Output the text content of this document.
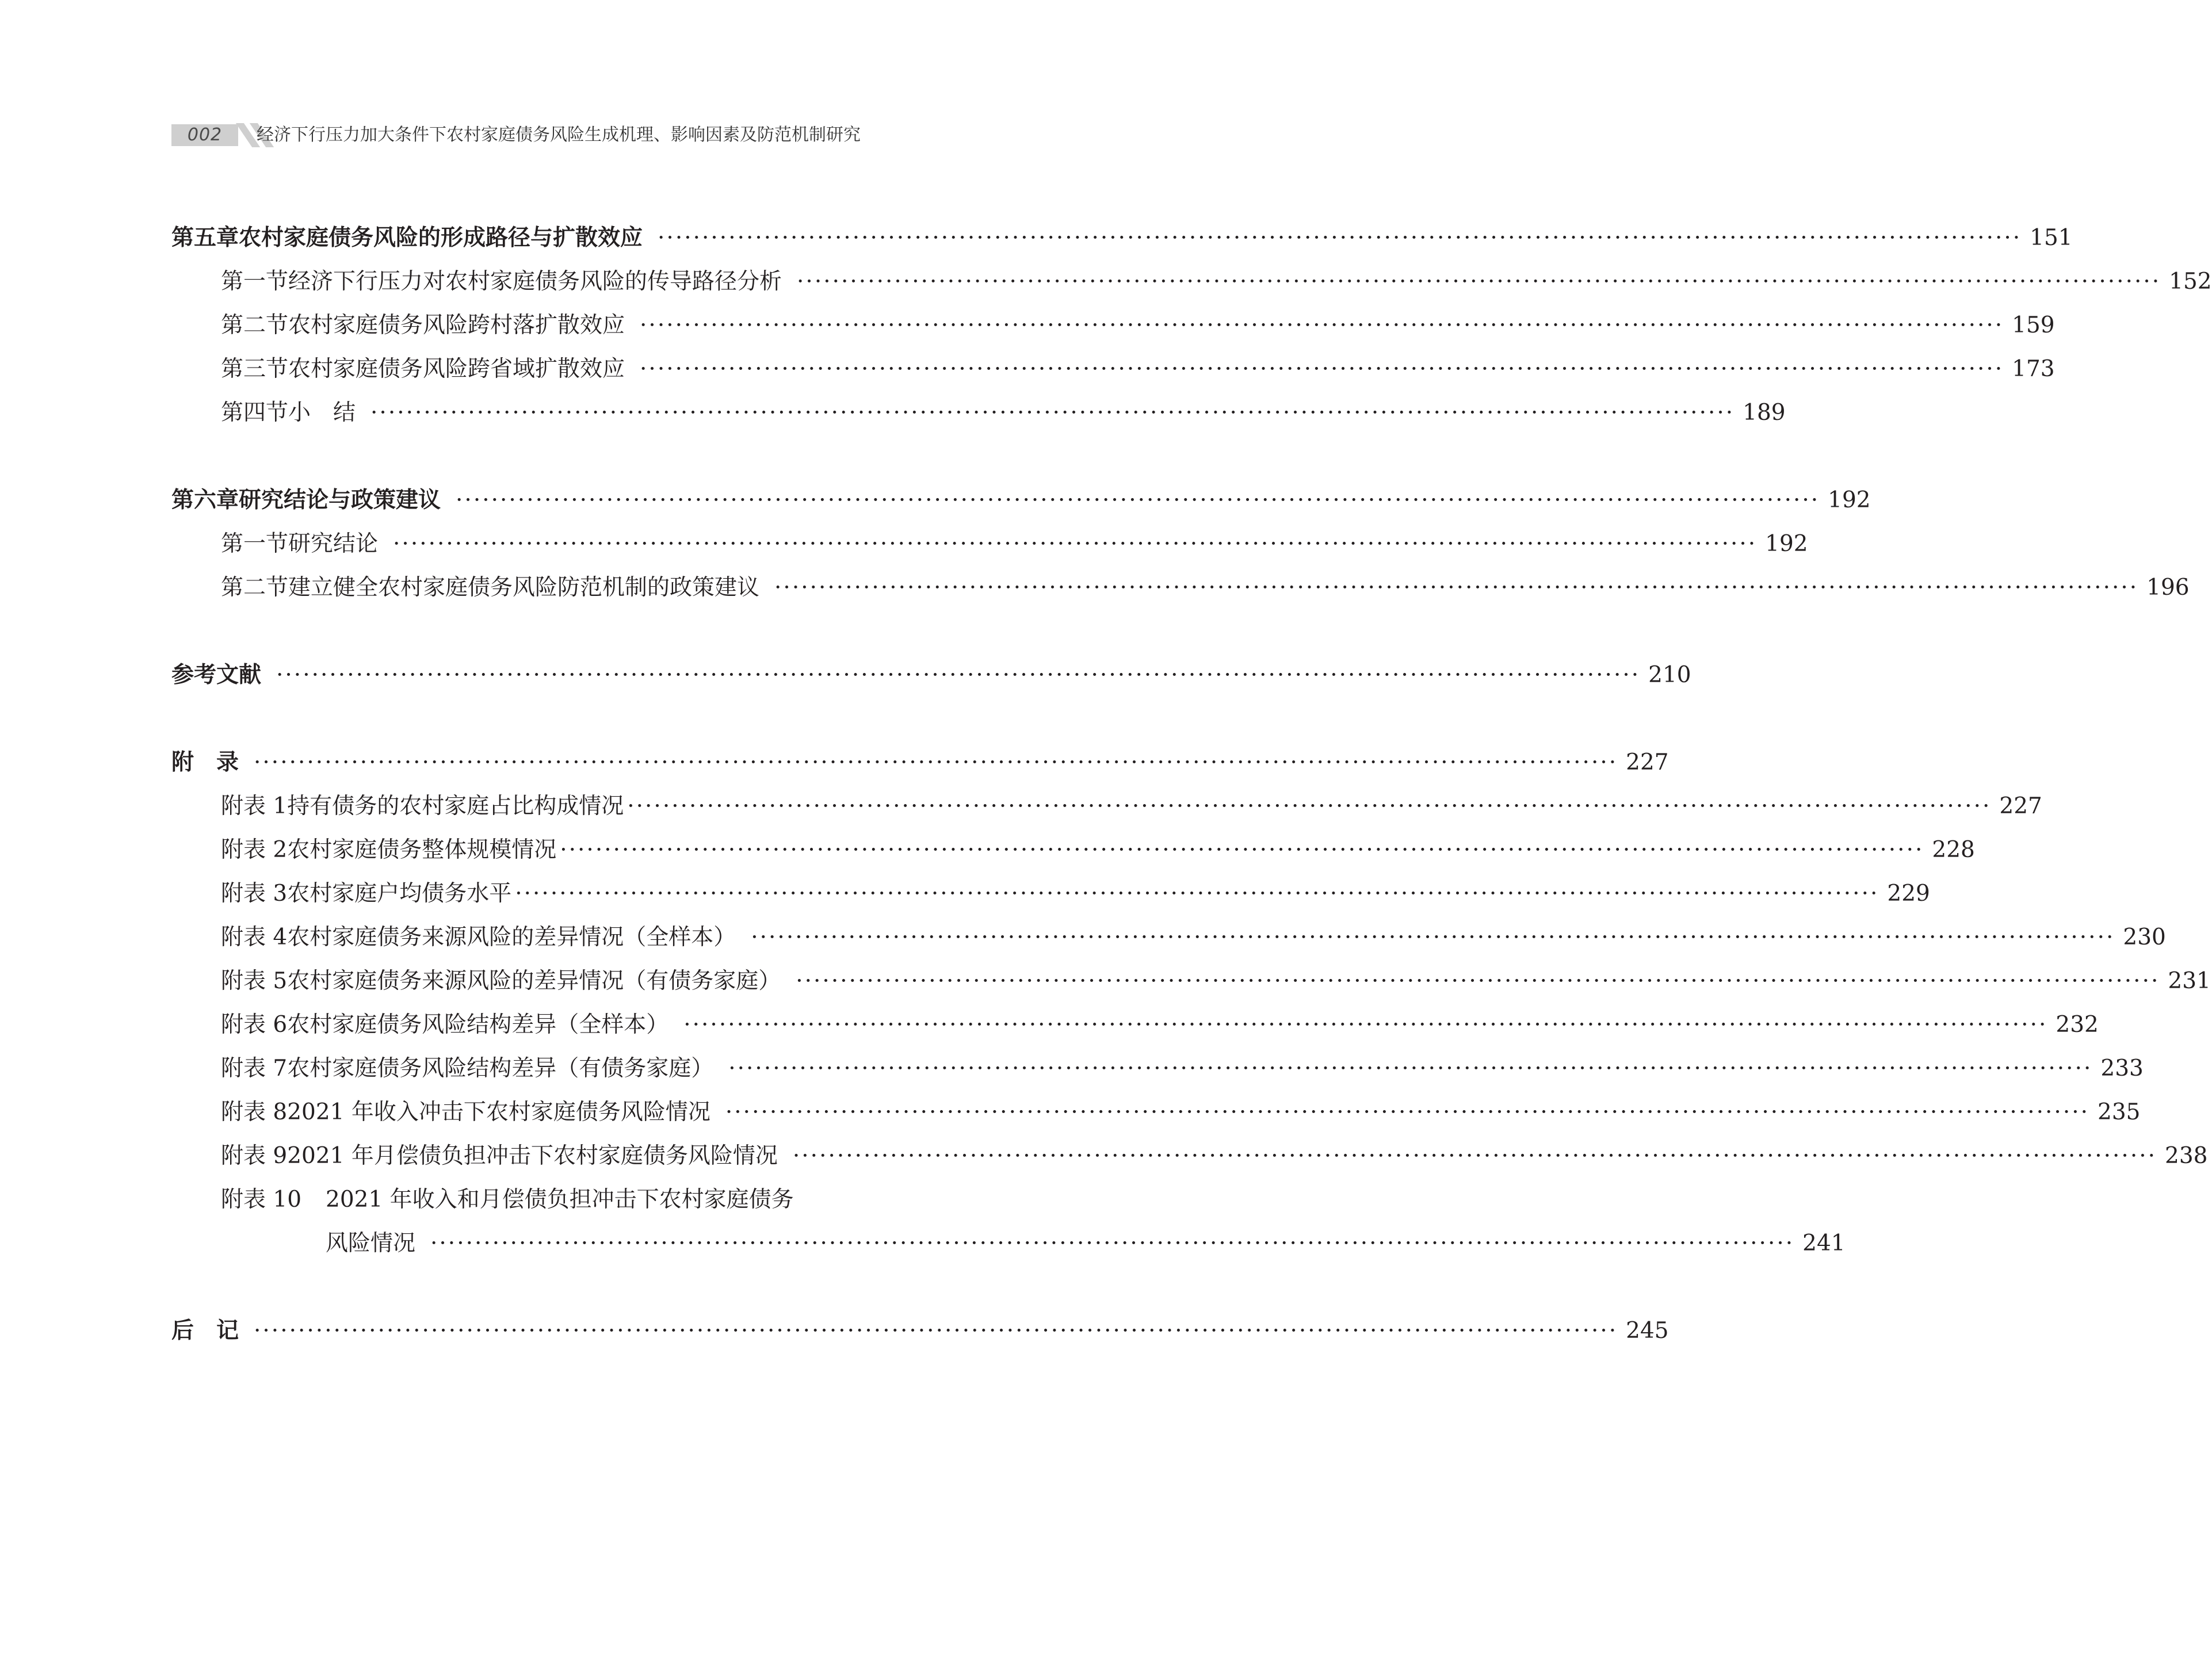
002	经济下行压力加大条件下农村家庭债务风险生成机理、影响因素及防范机制研究
第五章 农村家庭债务风险的形成路径与扩散效应 ·························································································································································· 151
第一节 经济下行压力对农村家庭债务风险的传导路径分析 ·························································································································································· 152
第二节 农村家庭债务风险跨村落扩散效应 ·························································································································································· 159
第三节 农村家庭债务风险跨省域扩散效应 ·························································································································································· 173
第四节 小　结 ·························································································································································· 189
第六章 研究结论与政策建议 ·························································································································································· 192
第一节 研究结论 ·························································································································································· 192
第二节 建立健全农村家庭债务风险防范机制的政策建议 ·························································································································································· 196
参考文献 ·························································································································································· 210
附　录 ·························································································································································· 227
附表 1 持有债务的农村家庭占比构成情况 ·························································································································································· 227
附表 2 农村家庭债务整体规模情况 ·························································································································································· 228
附表 3 农村家庭户均债务水平 ·························································································································································· 229
附表 4 农村家庭债务来源风险的差异情况（全样本） ·························································································································································· 230
附表 5 农村家庭债务来源风险的差异情况（有债务家庭） ·························································································································································· 231
附表 6 农村家庭债务风险结构差异（全样本） ·························································································································································· 232
附表 7 农村家庭债务风险结构差异（有债务家庭） ·························································································································································· 233
附表 8 2021 年收入冲击下农村家庭债务风险情况 ·························································································································································· 235
附表 9 2021 年月偿债负担冲击下农村家庭债务风险情况 ·························································································································································· 238
附表 10 2021 年收入和月偿债负担冲击下农村家庭债务
风险情况 ·························································································································································· 241
后　记 ·························································································································································· 245
